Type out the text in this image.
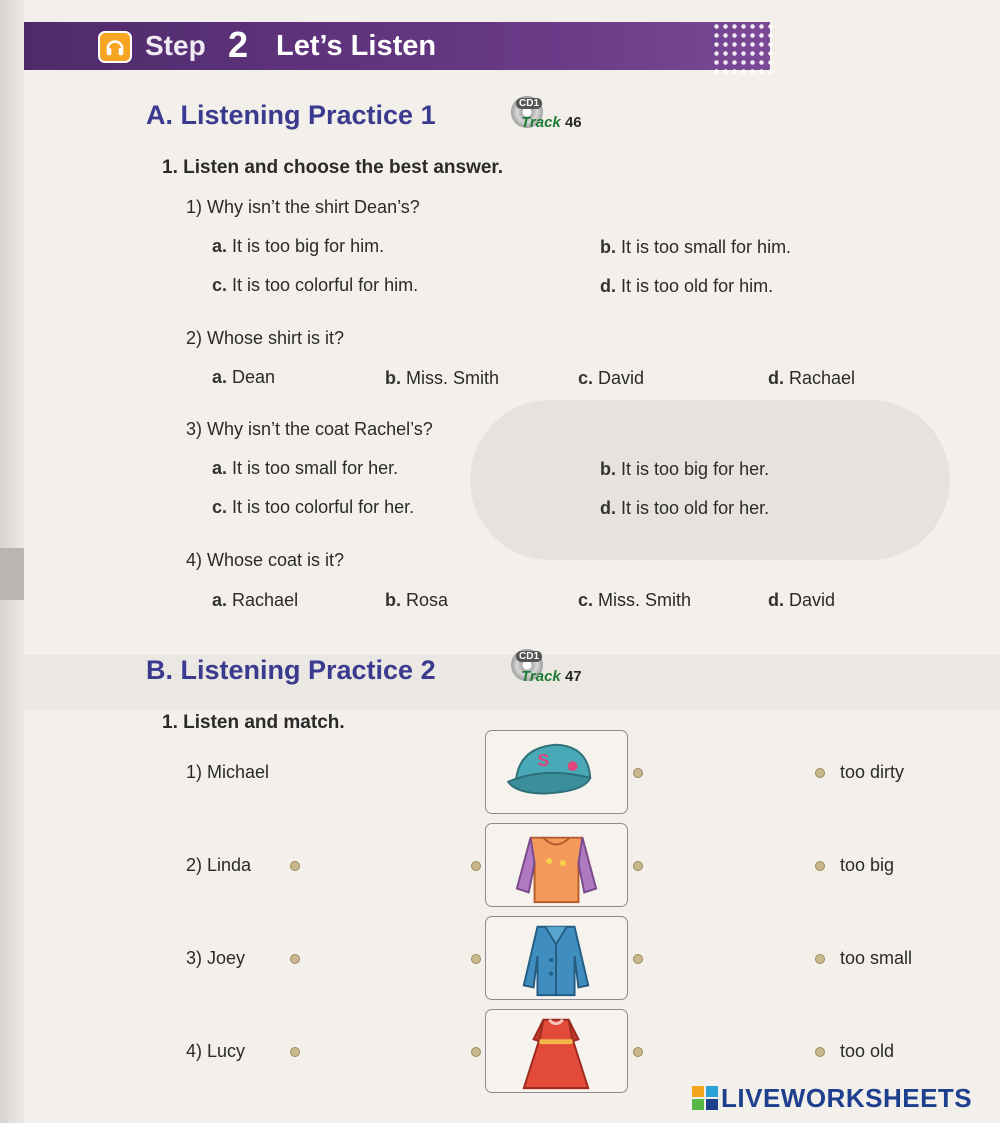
Step 2 Let’s Listen
A. Listening Practice 1	CD1
Track 46
1. Listen and choose the best answer.
1) Why isn’t the shirt Dean’s?
a. It is too big for him.	b. It is too small for him.
c. It is too colorful for him.	d. It is too old for him.
2) Whose shirt is it?
a. Dean	b. Miss. Smith	c. David	d. Rachael
3) Why isn’t the coat Rachel’s?
a. It is too small for her.	b. It is too big for her.
c. It is too colorful for her.	d. It is too old for her.
4) Whose coat is it?
a. Rachael	b. Rosa	c. Miss. Smith	d. David
B. Listening Practice 2	CD1
Track 47
1. Listen and match.
1) Michael
2) Linda
3) Joey
4) Lucy
S
too dirty
too big
too small
too old
LIVEWORKSHEETS
